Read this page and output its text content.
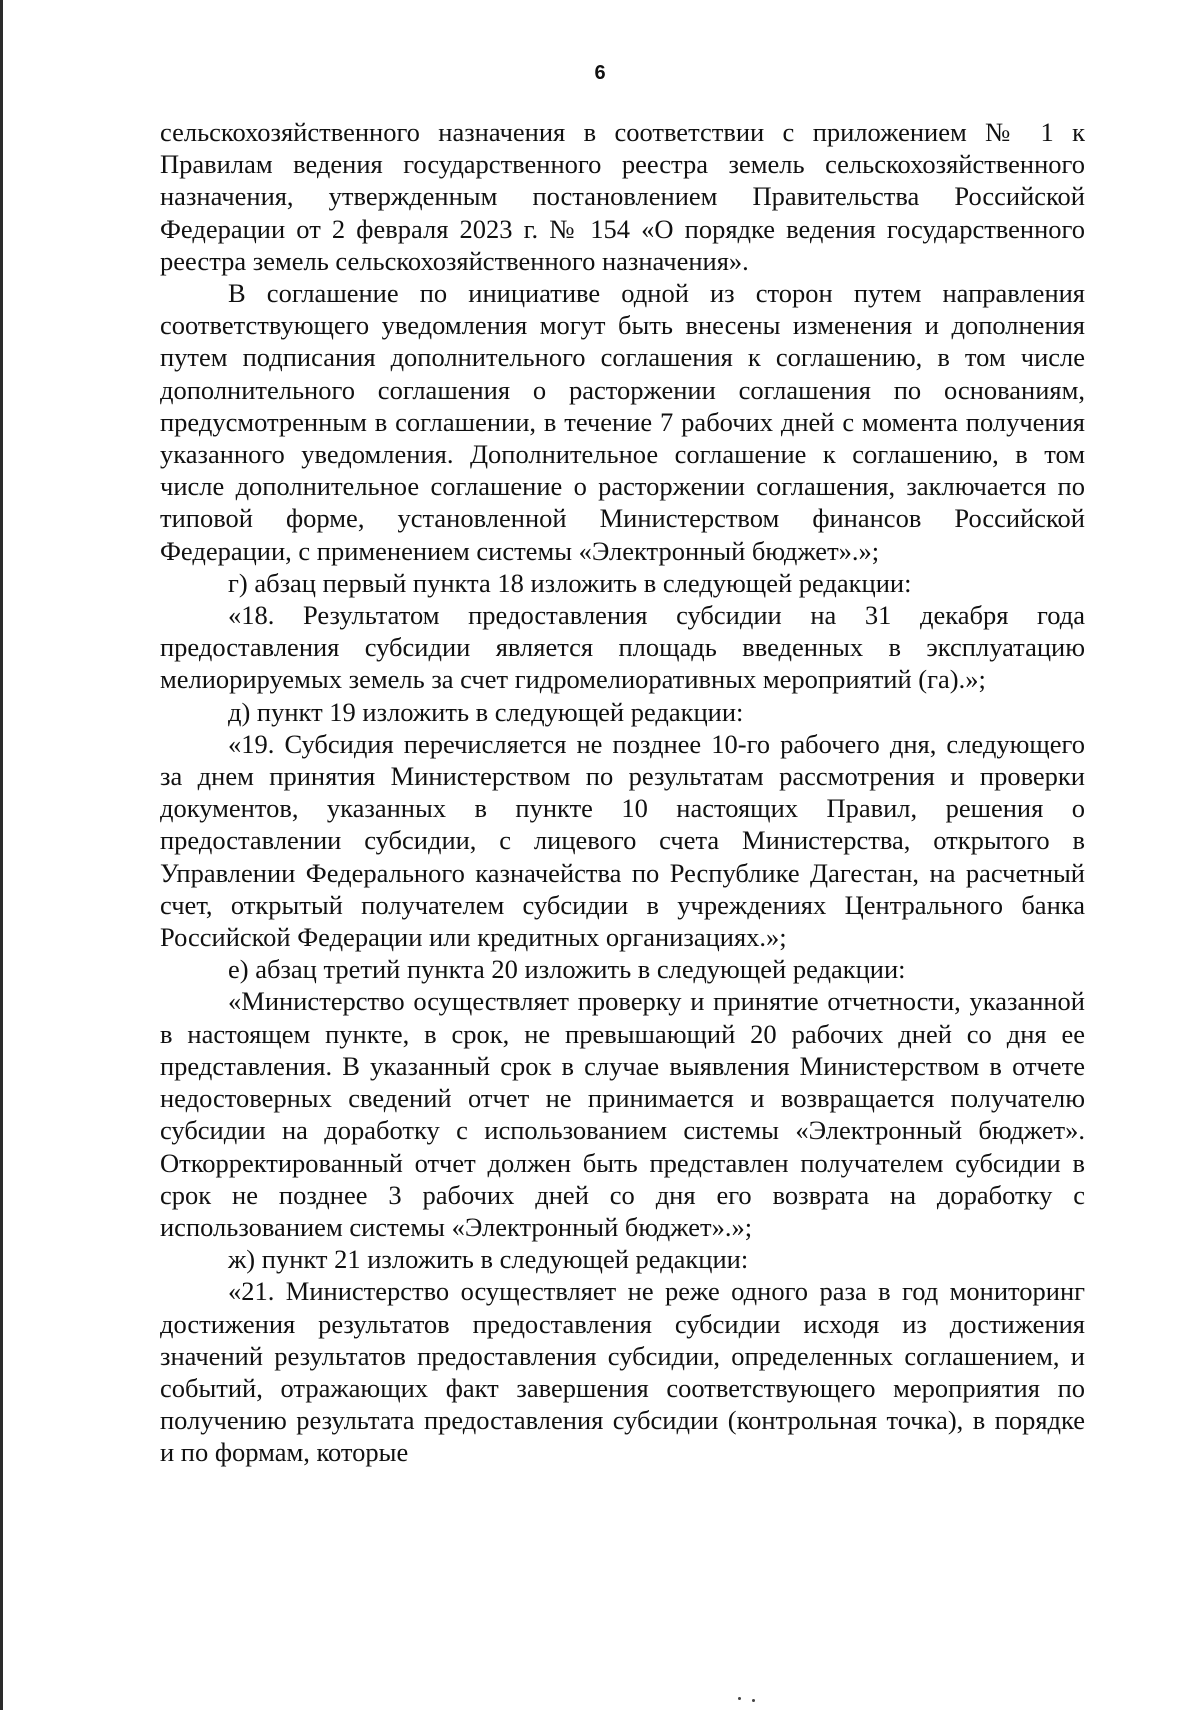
6

сельскохозяйственного назначения в соответствии с приложением № 1 к Правилам ведения государственного реестра земель сельскохозяйственного назначения, утвержденным постановлением Правительства Российской Федерации от 2 февраля 2023 г. № 154 «О порядке ведения государственного реестра земель сельскохозяйственного назначения».

В соглашение по инициативе одной из сторон путем направления соответствующего уведомления могут быть внесены изменения и дополнения путем подписания дополнительного соглашения к соглашению, в том числе дополнительного соглашения о расторжении соглашения по основаниям, предусмотренным в соглашении, в течение 7 рабочих дней с момента получения указанного уведомления. Дополнительное соглашение к соглашению, в том числе дополнительное соглашение о расторжении соглашения, заключается по типовой форме, установленной Министерством финансов Российской Федерации, с применением системы «Электронный бюджет».»;

г) абзац первый пункта 18 изложить в следующей редакции:

«18. Результатом предоставления субсидии на 31 декабря года предоставления субсидии является площадь введенных в эксплуатацию мелиорируемых земель за счет гидромелиоративных мероприятий (га).»;

д) пункт 19 изложить в следующей редакции:

«19. Субсидия перечисляется не позднее 10-го рабочего дня, следующего за днем принятия Министерством по результатам рассмотрения и проверки документов, указанных в пункте 10 настоящих Правил, решения о предоставлении субсидии, с лицевого счета Министерства, открытого в Управлении Федерального казначейства по Республике Дагестан, на расчетный счет, открытый получателем субсидии в учреждениях Центрального банка Российской Федерации или кредитных организациях.»;

е) абзац третий пункта 20 изложить в следующей редакции:

«Министерство осуществляет проверку и принятие отчетности, указанной в настоящем пункте, в срок, не превышающий 20 рабочих дней со дня ее представления. В указанный срок в случае выявления Министерством в отчете недостоверных сведений отчет не принимается и возвращается получателю субсидии на доработку с использованием системы «Электронный бюджет». Откорректированный отчет должен быть представлен получателем субсидии в срок не позднее 3 рабочих дней со дня его возврата на доработку с использованием системы «Электронный бюджет».»;

ж) пункт 21 изложить в следующей редакции:

«21. Министерство осуществляет не реже одного раза в год мониторинг достижения результатов предоставления субсидии исходя из достижения значений результатов предоставления субсидии, определенных соглашением, и событий, отражающих факт завершения соответствующего мероприятия по получению результата предоставления субсидии (контрольная точка), в порядке и по формам, которые
